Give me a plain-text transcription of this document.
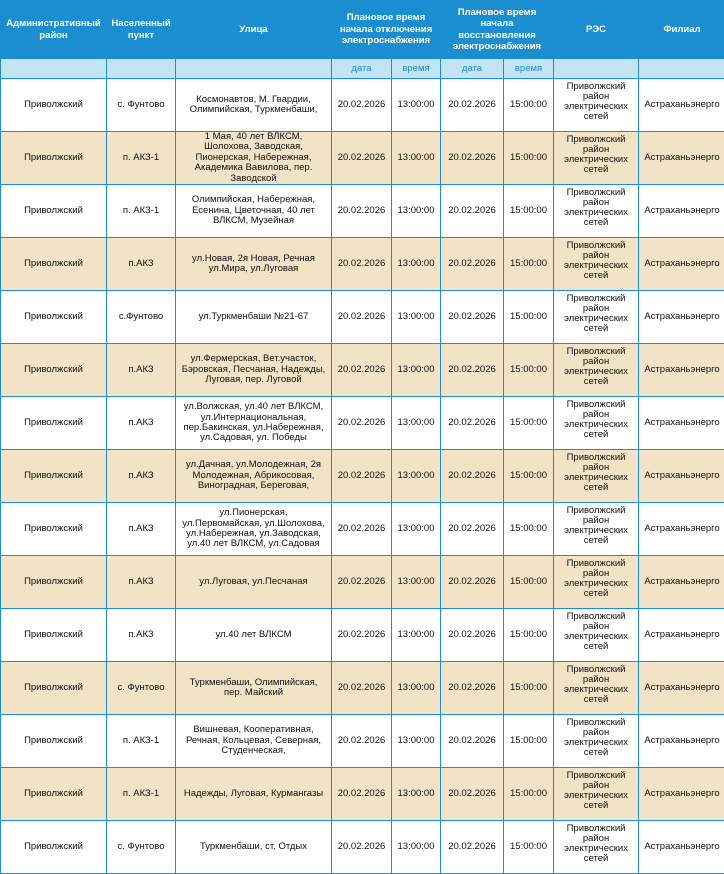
Административный район	Населенный пункт	Улица	Плановое время начала отключения электроснабжения		Плановое время начала восстановления электроснабжения		РЭС	Филиал
			дата	время	дата	время		
Приволжский	с. Фунтово	Космонавтов, М. Гвардии, Олимпийская, Туркменбаши,	20.02.2026	13:00:00	20.02.2026	15:00:00	Приволжский район электрических сетей	Астраханьэнерго
Приволжский	п. АКЗ-1	1 Мая, 40 лет ВЛКСМ, Шолохова, Заводская, Пионерская, Набережная, Академика Вавилова, пер. Заводской	20.02.2026	13:00:00	20.02.2026	15:00:00	Приволжский район электрических сетей	Астраханьэнерго
Приволжский	п. АКЗ-1	Олимпийская, Набережная, Есенина, Цветочная, 40 лет ВЛКСМ, Музейная	20.02.2026	13:00:00	20.02.2026	15:00:00	Приволжский район электрических сетей	Астраханьэнерго
Приволжский	п.АКЗ	ул.Новая, 2я Новая, Речная ул.Мира, ул.Луговая	20.02.2026	13:00:00	20.02.2026	15:00:00	Приволжский район электрических сетей	Астраханьэнерго
Приволжский	с.Фунтово	ул.Туркменбаши №21-67	20.02.2026	13:00:00	20.02.2026	15:00:00	Приволжский район электрических сетей	Астраханьэнерго
Приволжский	п.АКЗ	ул.Фермерская, Вет.участок, Бэровская, Песчаная, Надежды, Луговая, пер. Луговой	20.02.2026	13:00:00	20.02.2026	15:00:00	Приволжский район электрических сетей	Астраханьэнерго
Приволжский	п.АКЗ	ул.Волжская, ул.40 лет ВЛКСМ, ул.Интернациональная, пер.Бакинская, ул.Набережная, ул.Садовая, ул. Победы	20.02.2026	13:00:00	20.02.2026	15:00:00	Приволжский район электрических сетей	Астраханьэнерго
Приволжский	п.АКЗ	ул.Дачная, ул.Молодежная, 2я Молодежная, Абрикосовая, Виноградная, Береговая,	20.02.2026	13:00:00	20.02.2026	15:00:00	Приволжский район электрических сетей	Астраханьэнерго
Приволжский	п.АКЗ	ул.Пионерская, ул.Первомайская, ул.Шолохова, ул.Набережная, ул.Заводская, ул.40 лет ВЛКСМ, ул.Садовая	20.02.2026	13:00:00	20.02.2026	15:00:00	Приволжский район электрических сетей	Астраханьэнерго
Приволжский	п.АКЗ	ул.Луговая, ул.Песчаная	20.02.2026	13:00:00	20.02.2026	15:00:00	Приволжский район электрических сетей	Астраханьэнерго
Приволжский	п.АКЗ	ул.40 лет ВЛКСМ	20.02.2026	13:00:00	20.02.2026	15:00:00	Приволжский район электрических сетей	Астраханьэнерго
Приволжский	с. Фунтово	Туркменбаши, Олимпийская, пер. Майский	20.02.2026	13:00:00	20.02.2026	15:00:00	Приволжский район электрических сетей	Астраханьэнерго
Приволжский	п. АКЗ-1	Вишневая, Кооперативная, Речная, Кольцевая, Северная, Студенческая,	20.02.2026	13:00:00	20.02.2026	15:00:00	Приволжский район электрических сетей	Астраханьэнерго
Приволжский	п. АКЗ-1	Надежды, Луговая, Курмангазы	20.02.2026	13:00:00	20.02.2026	15:00:00	Приволжский район электрических сетей	Астраханьэнерго
Приволжский	с. Фунтово	Туркменбаши, ст. Отдых	20.02.2026	13:00:00	20.02.2026	15:00:00	Приволжский район электрических сетей	Астраханьэнерго
